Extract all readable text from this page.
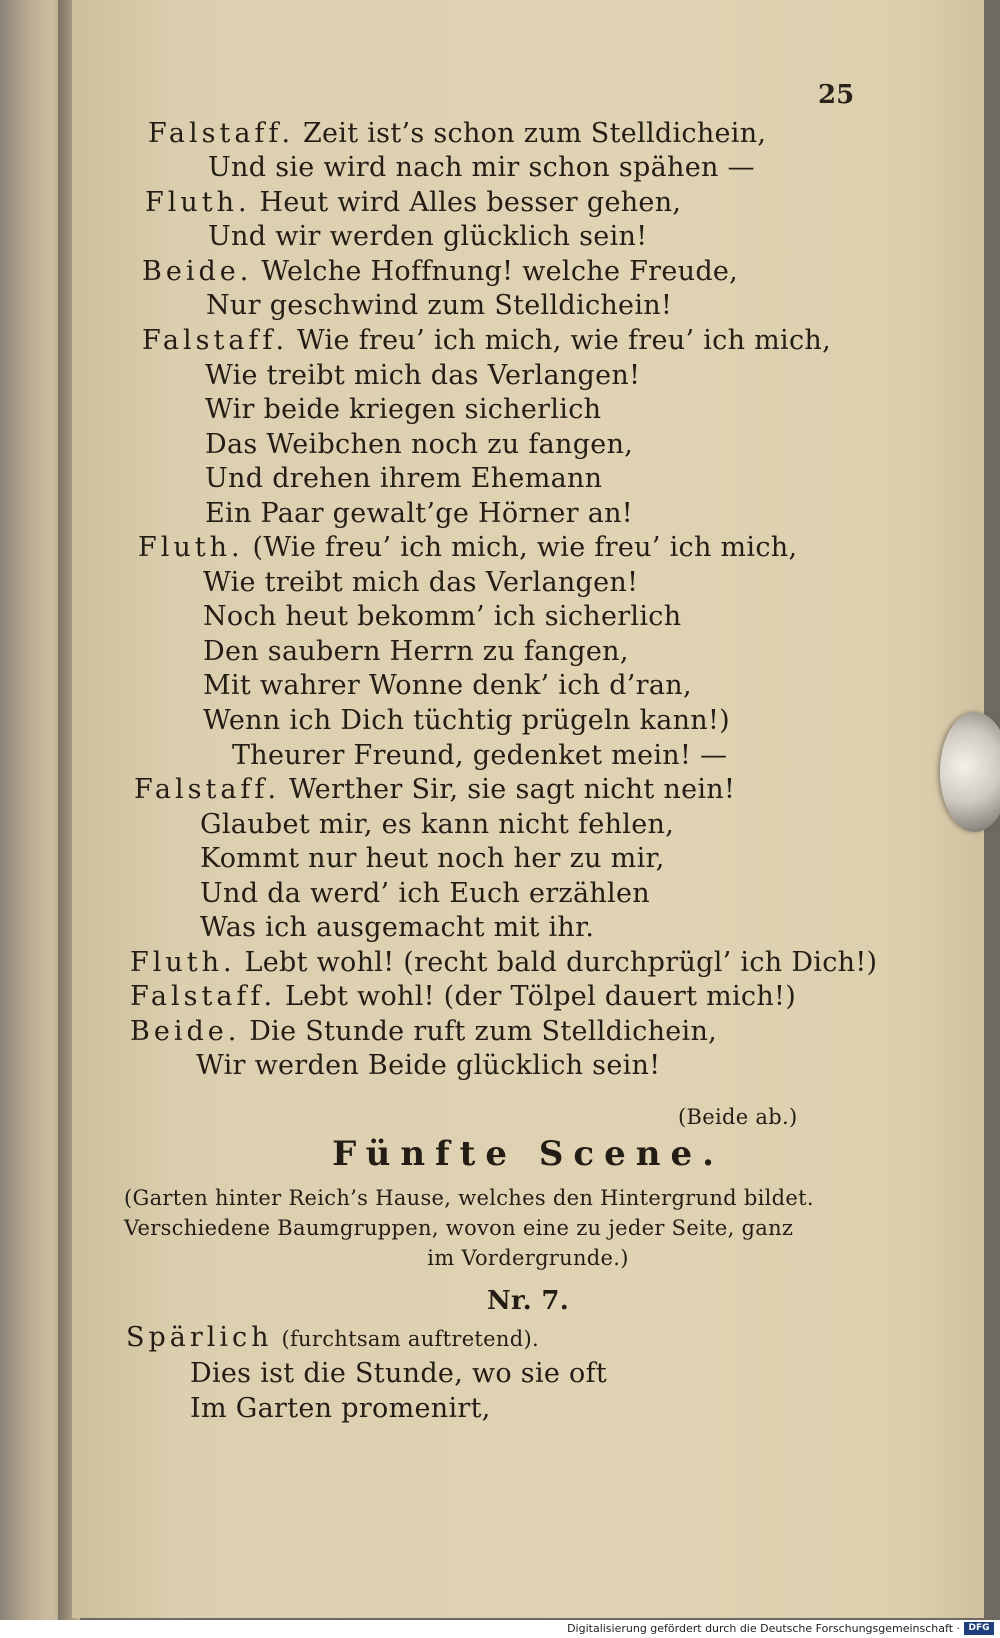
25
Falstaff. Zeit ist’s schon zum Stelldichein,
Und sie wird nach mir schon spähen —
Fluth. Heut wird Alles besser gehen,
Und wir werden glücklich sein!
Beide. Welche Hoffnung! welche Freude,
Nur geschwind zum Stelldichein!
Falstaff. Wie freu’ ich mich, wie freu’ ich mich,
Wie treibt mich das Verlangen!
Wir beide kriegen sicherlich
Das Weibchen noch zu fangen,
Und drehen ihrem Ehemann
Ein Paar gewalt’ge Hörner an!
Fluth. (Wie freu’ ich mich, wie freu’ ich mich,
Wie treibt mich das Verlangen!
Noch heut bekomm’ ich sicherlich
Den saubern Herrn zu fangen,
Mit wahrer Wonne denk’ ich d’ran,
Wenn ich Dich tüchtig prügeln kann!)
Theurer Freund, gedenket mein! —
Falstaff. Werther Sir, sie sagt nicht nein!
Glaubet mir, es kann nicht fehlen,
Kommt nur heut noch her zu mir,
Und da werd’ ich Euch erzählen
Was ich ausgemacht mit ihr.
Fluth. Lebt wohl! (recht bald durchprügl’ ich Dich!)
Falstaff. Lebt wohl! (der Tölpel dauert mich!)
Beide. Die Stunde ruft zum Stelldichein,
Wir werden Beide glücklich sein!
(Beide ab.)
Fünfte Scene.
(Garten hinter Reich’s Hause, welches den Hintergrund bildet.
Verschiedene Baumgruppen, wovon eine zu jeder Seite, ganz
im Vordergrunde.)
Nr. 7.
Spärlich (furchtsam auftretend).
Dies ist die Stunde, wo sie oft
Im Garten promenirt,
Digitalisierung gefördert durch die Deutsche Forschungsgemeinschaft · DFG
